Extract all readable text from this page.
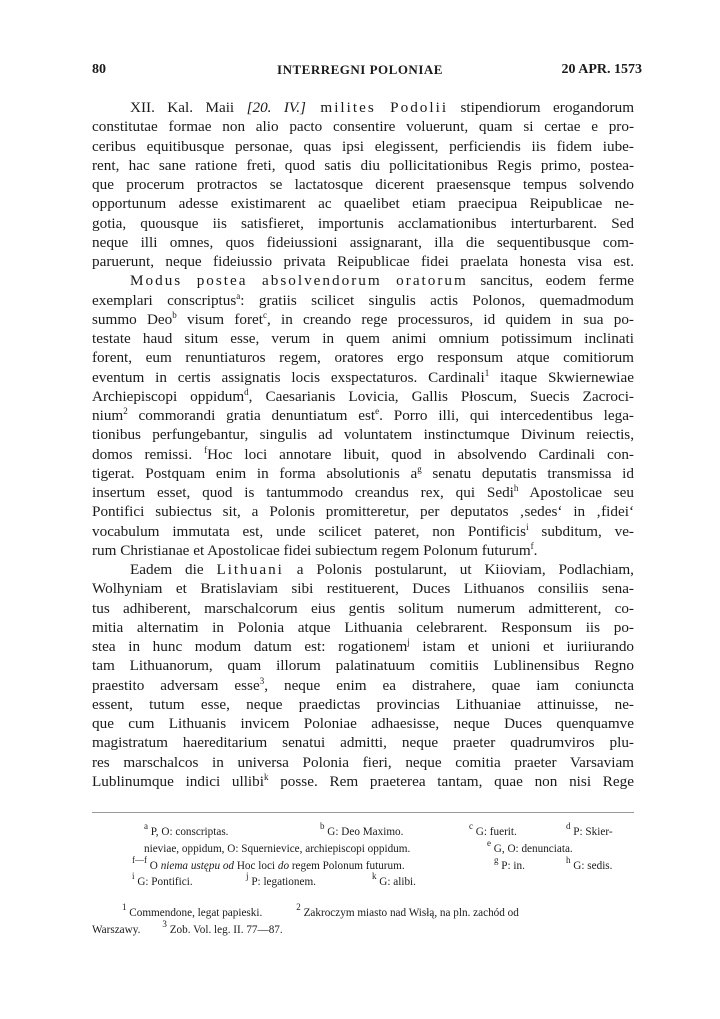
80	INTERREGNI POLONIAE	20 APR. 1573
XII. Kal. Maii [20. IV.] milites Podolii stipendiorum erogandorum
constitutae formae non alio pacto consentire voluerunt, quam si certae e pro-
ceribus equitibusque personae, quas ipsi elegissent, perficiendis iis fidem iube-
rent, hac sane ratione freti, quod satis diu pollicitationibus Regis primo, postea-
que procerum protractos se lactatosque dicerent praesensque tempus solvendo
opportunum adesse existimarent ac quaelibet etiam praecipua Reipublicae ne-
gotia, quousque iis satisfieret, importunis acclamationibus interturbarent. Sed
neque illi omnes, quos fideiussioni assignarant, illa die sequentibusque com-
paruerunt, neque fideiussio privata Reipublicae fidei praelata honesta visa est.
Modus postea absolvendorum oratorum sancitus, eodem ferme
exemplari conscriptus$^a$: gratiis scilicet singulis actis Polonos, quemadmodum
summo Deo$^b$ visum foret$^c$, in creando rege processuros, id quidem in sua po-
testate haud situm esse, verum in quem animi omnium potissimum inclinati
forent, eum renuntiaturos regem, oratores ergo responsum atque comitiorum
eventum in certis assignatis locis exspectaturos. Cardinali$^1$ itaque Skwiernewiae
Archiepiscopi oppidum$^d$, Caesarianis Lovicia, Gallis Płoscum, Suecis Zacroci-
nium$^2$ commorandi gratia denuntiatum est$^e$. Porro illi, qui intercedentibus lega-
tionibus perfungebantur, singulis ad voluntatem instinctumque Divinum reiectis,
domos remissi. $^f$Hoc loci annotare libuit, quod in absolvendo Cardinali con-
tigerat. Postquam enim in forma absolutionis $a^g$ senatu deputatis transmissa id
insertum esset, quod is tantummodo creandus rex, qui Sedi$^h$ Apostolicae seu
Pontifici subiectus sit, a Polonis promitteretur, per deputatos ‚sedes‘ in ‚fidei‘
vocabulum immutata est, unde scilicet pateret, non Pontificis$^i$ subditum, ve-
rum Christianae et Apostolicae fidei subiectum regem Polonum futurum$^f$.
Eadem die Lithuani a Polonis postularunt, ut Kiioviam, Podlachiam,
Wolhyniam et Bratislaviam sibi restituerent, Duces Lithuanos consiliis sena-
tus adhiberent, marschalcorum eius gentis solitum numerum admitterent, co-
mitia alternatim in Polonia atque Lithuania celebrarent. Responsum iis po-
stea in hunc modum datum est: rogationem$^j$ istam et unioni et iuriiurando
tam Lithuanorum, quam illorum palatinatuum comitiis Lublinensibus Regno
praestito adversam esse$^3$, neque enim ea distrahere, quae iam coniuncta
essent, tutum esse, neque praedictas provincias Lithuaniae attinuisse, ne-
que cum Lithuanis invicem Poloniae adhaesisse, neque Duces quenquamve
magistratum haereditarium senatui admitti, neque praeter quadrumviros plu-
res marschalcos in universa Polonia fieri, neque comitia praeter Varsaviam
Lublinumque indici ullibi$^k$ posse. Rem praeterea tantam, quae non nisi Rege
$^a$ P, O: conscriptas.	$^b$ G: Deo Maximo.	$^c$ G: fuerit.	$^d$ P: Skier-
nieviae, oppidum, O: Squernievice, archiepiscopi oppidum.	$^e$ G, O: denunciata.
$^{f—f}$ O niema ustępu od Hoc loci do regem Polonum futurum.	$^g$ P: in.	$^h$ G: sedis.
$^i$ G: Pontifici.	$^j$ P: legationem.	$^k$ G: alibi.
$^1$ Commendone, legat papieski.	$^2$ Zakroczym miasto nad Wisłą, na pln. zachód od
Warszawy. $^3$ Zob. Vol. leg. II. 77—87.
